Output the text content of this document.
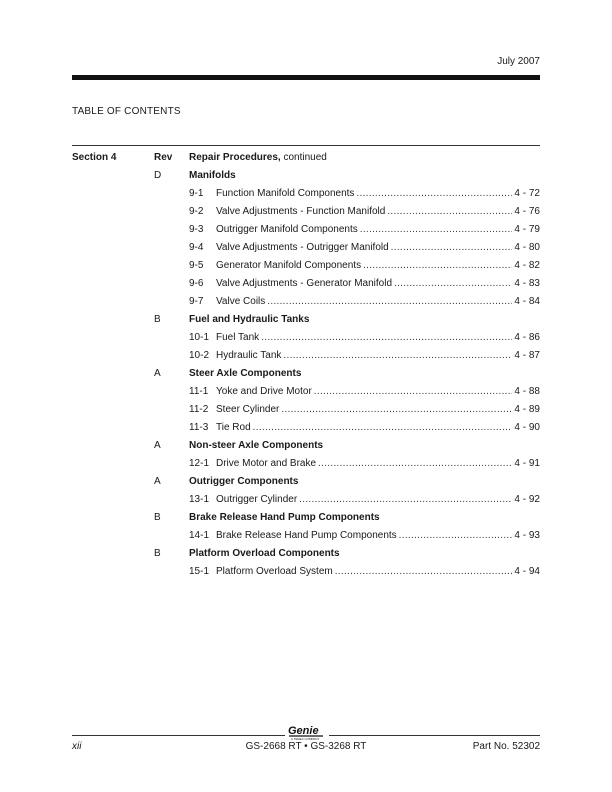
July 2007
TABLE OF CONTENTS
Section 4	Rev Repair Procedures, continued
D	Manifolds
9-1	Function Manifold Components .....	4 - 72
9-2	Valve Adjustments - Function Manifold .....	4 - 76
9-3	Outrigger Manifold Components .....	4 - 79
9-4	Valve Adjustments - Outrigger Manifold .....	4 - 80
9-5	Generator Manifold Components .....	4 - 82
9-6	Valve Adjustments - Generator Manifold .....	4 - 83
9-7	Valve Coils .....	4 - 84
B	Fuel and Hydraulic Tanks
10-1 Fuel Tank .....	4 - 86
10-2 Hydraulic Tank .....	4 - 87
A	Steer Axle Components
11-1 Yoke and Drive Motor .....	4 - 88
11-2 Steer Cylinder .....	4 - 89
11-3 Tie Rod .....	4 - 90
A	Non-steer Axle Components
12-1 Drive Motor and Brake .....	4 - 91
A	Outrigger Components
13-1 Outrigger Cylinder .....	4 - 92
B	Brake Release Hand Pump Components
14-1 Brake Release Hand Pump Components .....	4 - 93
B	Platform Overload Components
15-1 Platform Overload System .....	4 - 94
Genie
A TEREX COMPANY
xii	GS-2668 RT • GS-3268 RT	Part No. 52302
